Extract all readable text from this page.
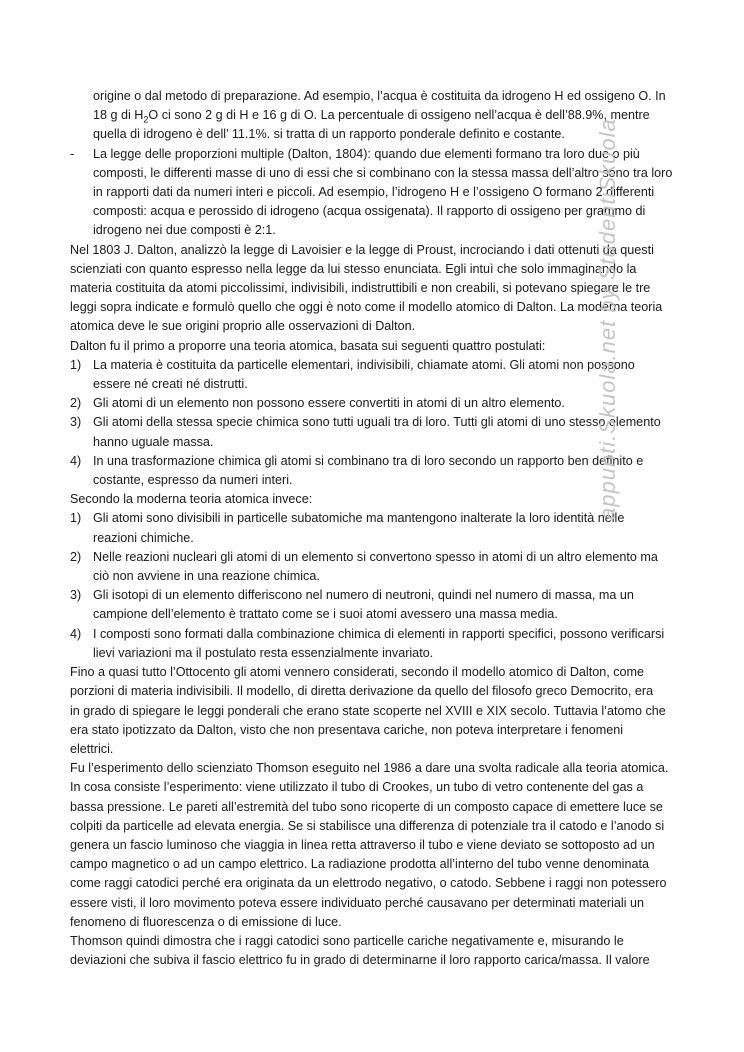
origine o dal metodo di preparazione. Ad esempio, l’acqua è costituita da idrogeno H ed ossigeno O. In

18 g di $H_2O$ ci sono 2 g di H e 16 g di O. La percentuale di ossigeno nell’acqua è dell’88.9%, mentre

quella di idrogeno è dell’ 11.1%. si tratta di un rapporto ponderale definito e costante.

-	La legge delle proporzioni multiple (Dalton, 1804): quando due elementi formano tra loro due o più

composti, le differenti masse di uno di essi che si combinano con la stessa massa dell’altro sono tra loro

in rapporti dati da numeri interi e piccoli. Ad esempio, l’idrogeno H e l’ossigeno O formano 2 differenti

composti: acqua e perossido di idrogeno (acqua ossigenata). Il rapporto di ossigeno per grammo di

idrogeno nei due composti è 2:1.

Nel 1803 J. Dalton, analizzò la legge di Lavoisier e la legge di Proust, incrociando i dati ottenuti da questi

scienziati con quanto espresso nella legge da lui stesso enunciata. Egli intuì che solo immaginando la

materia costituita da atomi piccolissimi, indivisibili, indistruttibili e non creabili, si potevano spiegare le tre

leggi sopra indicate e formulò quello che oggi è noto come il modello atomico di Dalton. La moderna teoria

atomica deve le sue origini proprio alle osservazioni di Dalton.

Dalton fu il primo a proporre una teoria atomica, basata sui seguenti quattro postulati:

1) La materia è costituita da particelle elementari, indivisibili, chiamate atomi. Gli atomi non possono

essere né creati né distrutti.

2) Gli atomi di un elemento non possono essere convertiti in atomi di un altro elemento.

3) Gli atomi della stessa specie chimica sono tutti uguali tra di loro. Tutti gli atomi di uno stesso elemento

hanno uguale massa.

4) In una trasformazione chimica gli atomi si combinano tra di loro secondo un rapporto ben definito e

costante, espresso da numeri interi.

Secondo la moderna teoria atomica invece:

1) Gli atomi sono divisibili in particelle subatomiche ma mantengono inalterate la loro identità nelle

reazioni chimiche.

2) Nelle reazioni nucleari gli atomi di un elemento si convertono spesso in atomi di un altro elemento ma

ciò non avviene in una reazione chimica.

3) Gli isotopi di un elemento differiscono nel numero di neutroni, quindi nel numero di massa, ma un

campione dell’elemento è trattato come se i suoi atomi avessero una massa media.

4) I composti sono formati dalla combinazione chimica di elementi in rapporti specifici, possono verificarsi

lievi variazioni ma il postulato resta essenzialmente invariato.

Fino a quasi tutto l’Ottocento gli atomi vennero considerati, secondo il modello atomico di Dalton, come

porzioni di materia indivisibili. Il modello, di diretta derivazione da quello del filosofo greco Democrito, era

in grado di spiegare le leggi ponderali che erano state scoperte nel XVIII e XIX secolo. Tuttavia l’atomo che

era stato ipotizzato da Dalton, visto che non presentava cariche, non poteva interpretare i fenomeni

elettrici.

Fu l’esperimento dello scienziato Thomson eseguito nel 1986 a dare una svolta radicale alla teoria atomica.

In cosa consiste l’esperimento: viene utilizzato il tubo di Crookes, un tubo di vetro contenente del gas a

bassa pressione. Le pareti all’estremità del tubo sono ricoperte di un composto capace di emettere luce se

colpiti da particelle ad elevata energia. Se si stabilisce una differenza di potenziale tra il catodo e l’anodo si

genera un fascio luminoso che viaggia in linea retta attraverso il tubo e viene deviato se sottoposto ad un

campo magnetico o ad un campo elettrico. La radiazione prodotta all’interno del tubo venne denominata

come raggi catodici perché era originata da un elettrodo negativo, o catodo. Sebbene i raggi non potessero

essere visti, il loro movimento poteva essere individuato perché causavano per determinati materiali un

fenomeno di fluorescenza o di emissione di luce.

Thomson quindi dimostra che i raggi catodici sono particelle cariche negativamente e, misurando le

deviazioni che subiva il fascio elettrico fu in grado di determinarne il loro rapporto carica/massa. Il valore

appunti.Skuola.net by StudentiSkuola
